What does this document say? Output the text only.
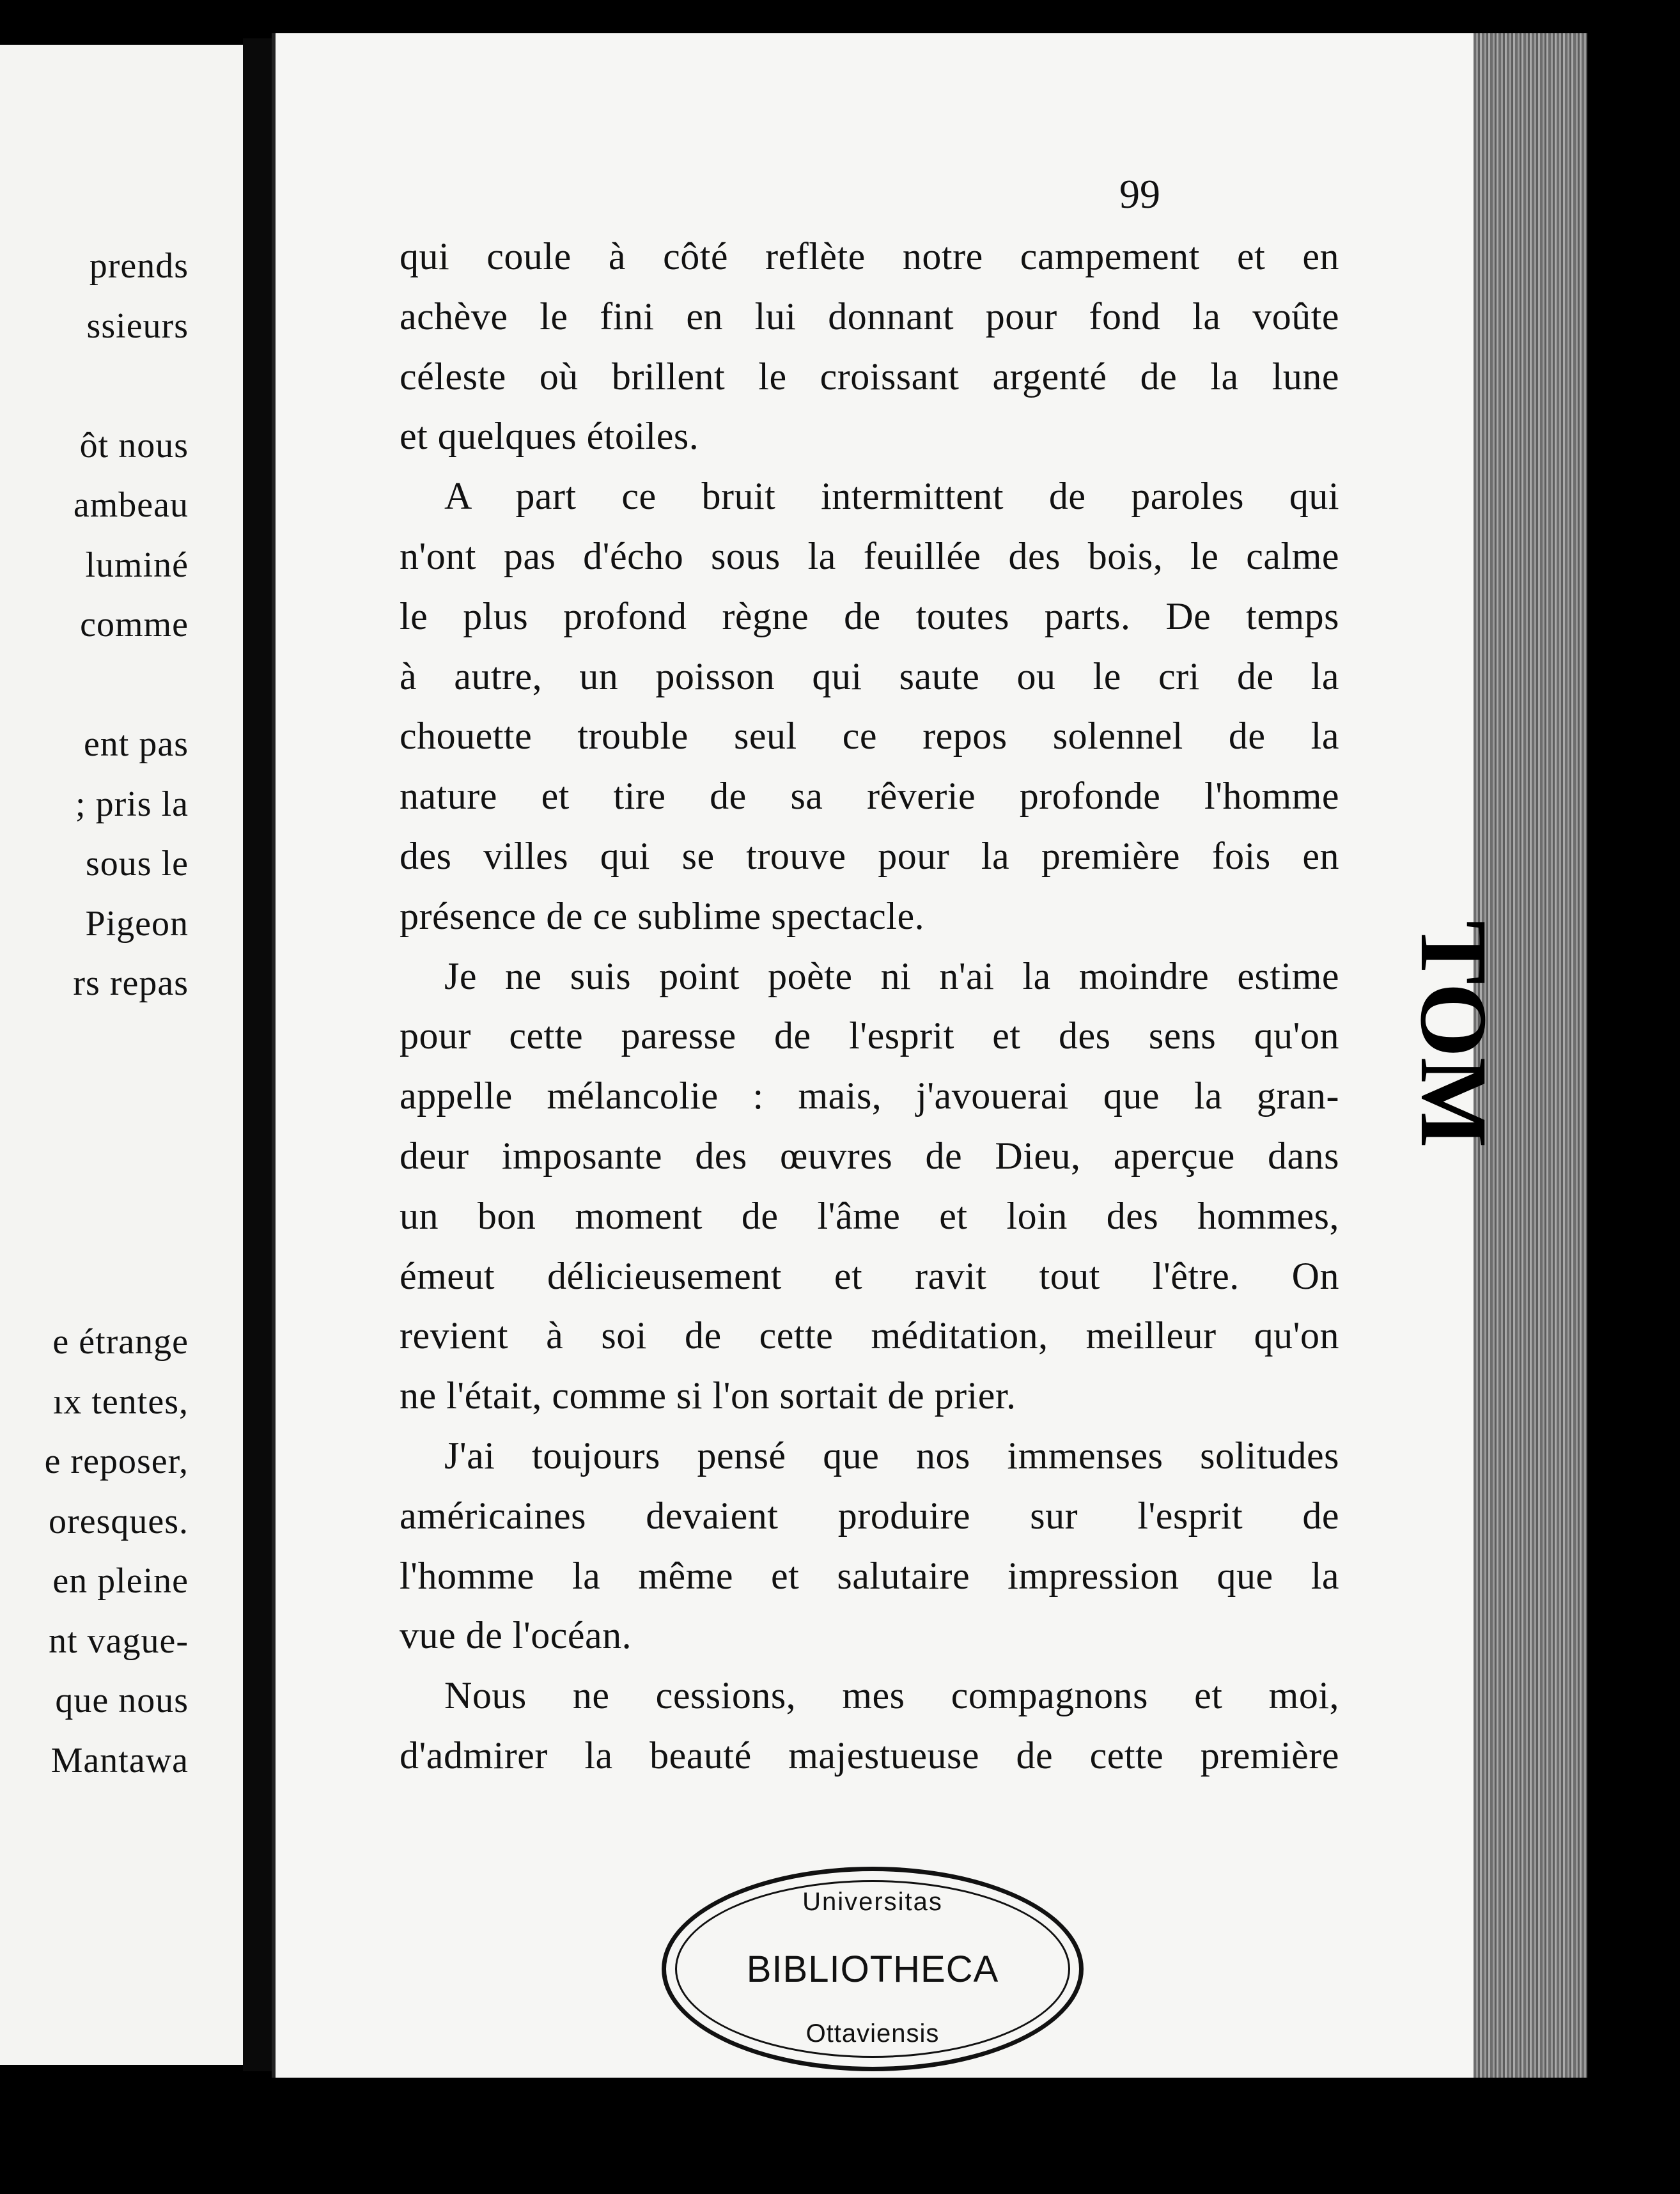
prends
ssieurs
ôt nous
ambeau
luminé
comme
ent pas
; pris la
sous le
Pigeon
rs repas
e étrange
ıx tentes,
e reposer,
oresques.
en pleine
nt vague-
que nous
Mantawa
99
qui coule à côté reflète notre campement et en
achève le fini en lui donnant pour fond la voûte
céleste où brillent le croissant argenté de la lune
et quelques étoiles.
A part ce bruit intermittent de paroles qui
n'ont pas d'écho sous la feuillée des bois, le calme
le plus profond règne de toutes parts. De temps
à autre, un poisson qui saute ou le cri de la
chouette trouble seul ce repos solennel de la
nature et tire de sa rêverie profonde l'homme
des villes qui se trouve pour la première fois en
présence de ce sublime spectacle.
Je ne suis point poète ni n'ai la moindre estime
pour cette paresse de l'esprit et des sens qu'on
appelle mélancolie : mais, j'avouerai que la gran-
deur imposante des œuvres de Dieu, aperçue dans
un bon moment de l'âme et loin des hommes,
émeut délicieusement et ravit tout l'être. On
revient à soi de cette méditation, meilleur qu'on
ne l'était, comme si l'on sortait de prier.
J'ai toujours pensé que nos immenses solitudes
américaines devaient produire sur l'esprit de
l'homme la même et salutaire impression que la
vue de l'océan.
Nous ne cessions, mes compagnons et moi,
d'admirer la beauté majestueuse de cette première
TOM
Universitas
BIBLIOTHECA
Ottaviensis
